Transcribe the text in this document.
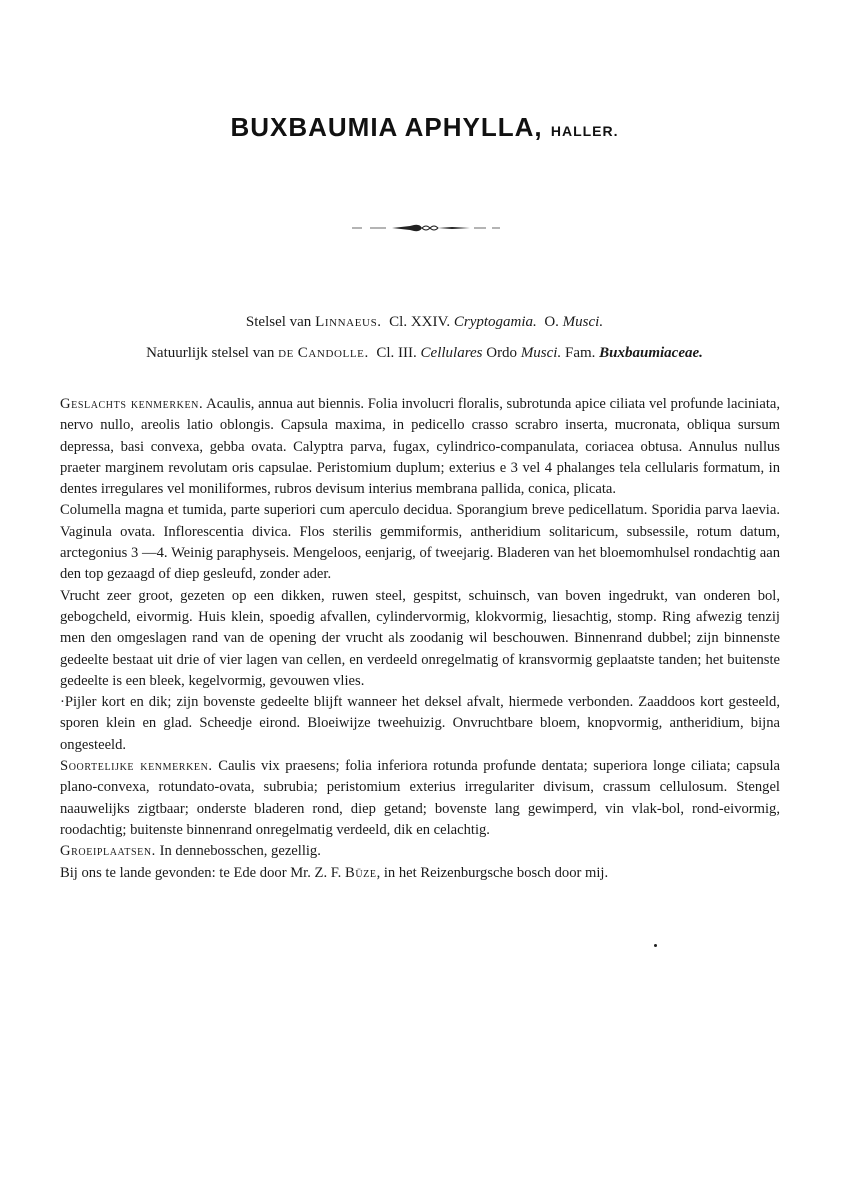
BUXBAUMIA APHYLLA, HALLER.
Stelsel van Linnaeus. Cl. XXIV. Cryptogamia. O. Musci.
Natuurlijk stelsel van de Candolle. Cl. III. Cellulares Ordo Musci. Fam. Buxbaumiaceae.

Geslachts kenmerken. Acaulis, annua aut biennis. Folia involucri floralis, subrotunda apice ciliata vel profunde laciniata, nervo nullo, areolis latio oblongis. Capsula maxima, in pedicello crasso scrabro inserta, mucronata, obliqua sursum depressa, basi convexa, gebba ovata. Calyptra parva, fugax, cylindrico-companulata, coriacea obtusa. Annulus nullus praeter marginem revolutam oris capsulae. Peristomium duplum; exterius e 3 vel 4 phalanges tela cellularis formatum, in dentes irregulares vel moniliformes, rubros devisum interius membrana pallida, conica, plicata.

Columella magna et tumida, parte superiori cum aperculo decidua. Sporangium breve pedicellatum. Sporidia parva laevia. Vaginula ovata. Inflorescentia divica. Flos sterilis gemmiformis, antheridium solitaricum, subsessile, rotum datum, arctegonius 3 —4. Weinig paraphyseis. Mengeloos, eenjarig, of tweejarig. Bladeren van het bloemomhulsel rondachtig aan den top gezaagd of diep gesleufd, zonder ader.

Vrucht zeer groot, gezeten op een dikken, ruwen steel, gespitst, schuinsch, van boven ingedrukt, van onderen bol, gebogcheld, eivormig. Huis klein, spoedig afvallen, cylindervormig, klokvormig, liesachtig, stomp. Ring afwezig tenzij men den omgeslagen rand van de opening der vrucht als zoodanig wil beschouwen. Binnenrand dubbel; zijn binnenste gedeelte bestaat uit drie of vier lagen van cellen, en verdeeld onregelmatig of kransvormig geplaatste tanden; het buitenste gedeelte is een bleek, kegelvormig, gevouwen vlies.

·Pijler kort en dik; zijn bovenste gedeelte blijft wanneer het deksel afvalt, hiermede verbonden. Zaaddoos kort gesteeld, sporen klein en glad. Scheedje eirond. Bloeiwijze tweehuizig. Onvruchtbare bloem, knopvormig, antheridium, bijna ongesteeld.

Soortelijke kenmerken. Caulis vix praesens; folia inferiora rotunda profunde dentata; superiora longe ciliata; capsula plano-convexa, rotundato-ovata, subrubia; peristomium exterius irregulariter divisum, crassum cellulosum. Stengel naauwelijks zigtbaar; onderste bladeren rond, diep getand; bovenste lang gewimperd, vin vlak-bol, rond-eivormig, roodachtig; buitenste binnenrand onregelmatig verdeeld, dik en celachtig.

Groeiplaatsen. In dennebosschen, gezellig.

Bij ons te lande gevonden: te Ede door Mr. Z. F. Büze, in het Reizenburgsche bosch door mij.
